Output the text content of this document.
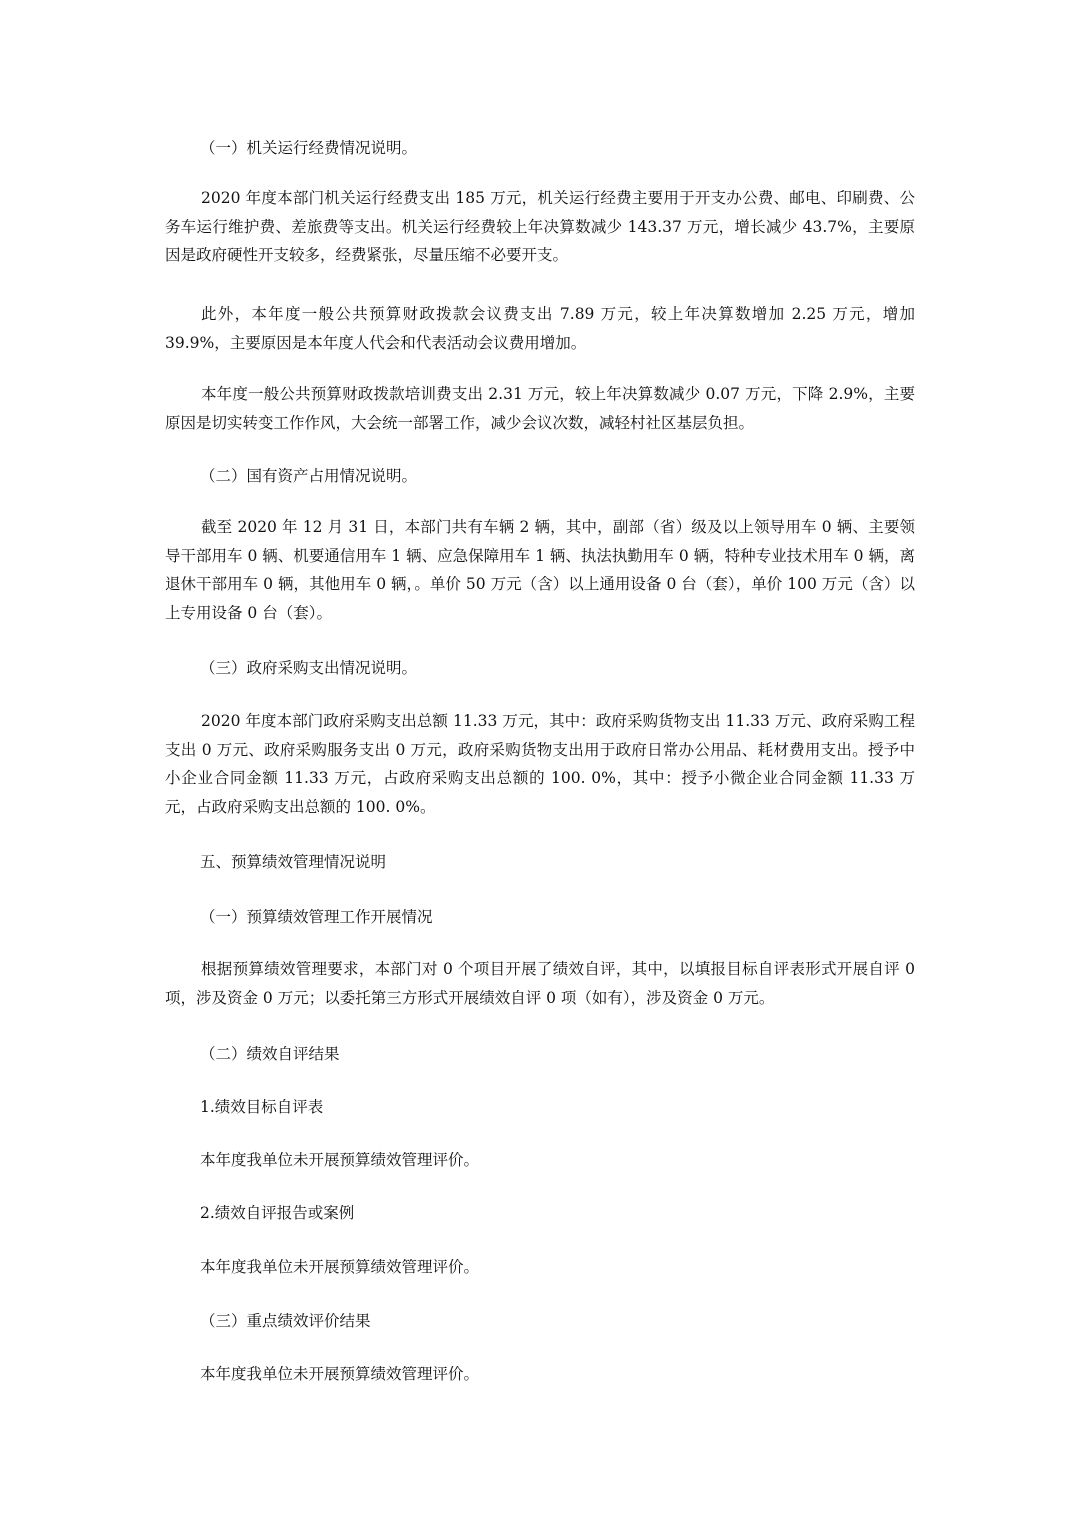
（一）机关运行经费情况说明。

2020 年度本部门机关运行经费支出 185 万元，机关运行经费主要用于开支办公费、邮电、印刷费、公务车运行维护费、差旅费等支出。机关运行经费较上年决算数减少 143.37 万元，增长减少 43.7%，主要原因是政府硬性开支较多，经费紧张，尽量压缩不必要开支。

此外，本年度一般公共预算财政拨款会议费支出 7.89 万元，较上年决算数增加 2.25 万元，增加 39.9%，主要原因是本年度人代会和代表活动会议费用增加。

本年度一般公共预算财政拨款培训费支出 2.31 万元，较上年决算数减少 0.07 万元，下降 2.9%，主要原因是切实转变工作作风，大会统一部署工作，减少会议次数，减轻村社区基层负担。

（二）国有资产占用情况说明。

截至 2020 年 12 月 31 日，本部门共有车辆 2 辆，其中，副部（省）级及以上领导用车 0 辆、主要领导干部用车 0 辆、机要通信用车 1 辆、应急保障用车 1 辆、执法执勤用车 0 辆，特种专业技术用车 0 辆，离退休干部用车 0 辆，其他用车 0 辆，。单价 50 万元（含）以上通用设备 0 台（套），单价 100 万元（含）以上专用设备 0 台（套）。

（三）政府采购支出情况说明。

2020 年度本部门政府采购支出总额 11.33 万元，其中：政府采购货物支出 11.33 万元、政府采购工程支出 0 万元、政府采购服务支出 0 万元，政府采购货物支出用于政府日常办公用品、耗材费用支出。授予中小企业合同金额 11.33 万元，占政府采购支出总额的 100. 0%，其中：授予小微企业合同金额 11.33 万元，占政府采购支出总额的 100. 0%。

五、预算绩效管理情况说明

（一）预算绩效管理工作开展情况

根据预算绩效管理要求，本部门对 0 个项目开展了绩效自评，其中，以填报目标自评表形式开展自评 0 项，涉及资金 0 万元；以委托第三方形式开展绩效自评 0 项（如有），涉及资金 0 万元。

（二）绩效自评结果

1.绩效目标自评表

本年度我单位未开展预算绩效管理评价。

2.绩效自评报告或案例

本年度我单位未开展预算绩效管理评价。

（三）重点绩效评价结果

本年度我单位未开展预算绩效管理评价。
